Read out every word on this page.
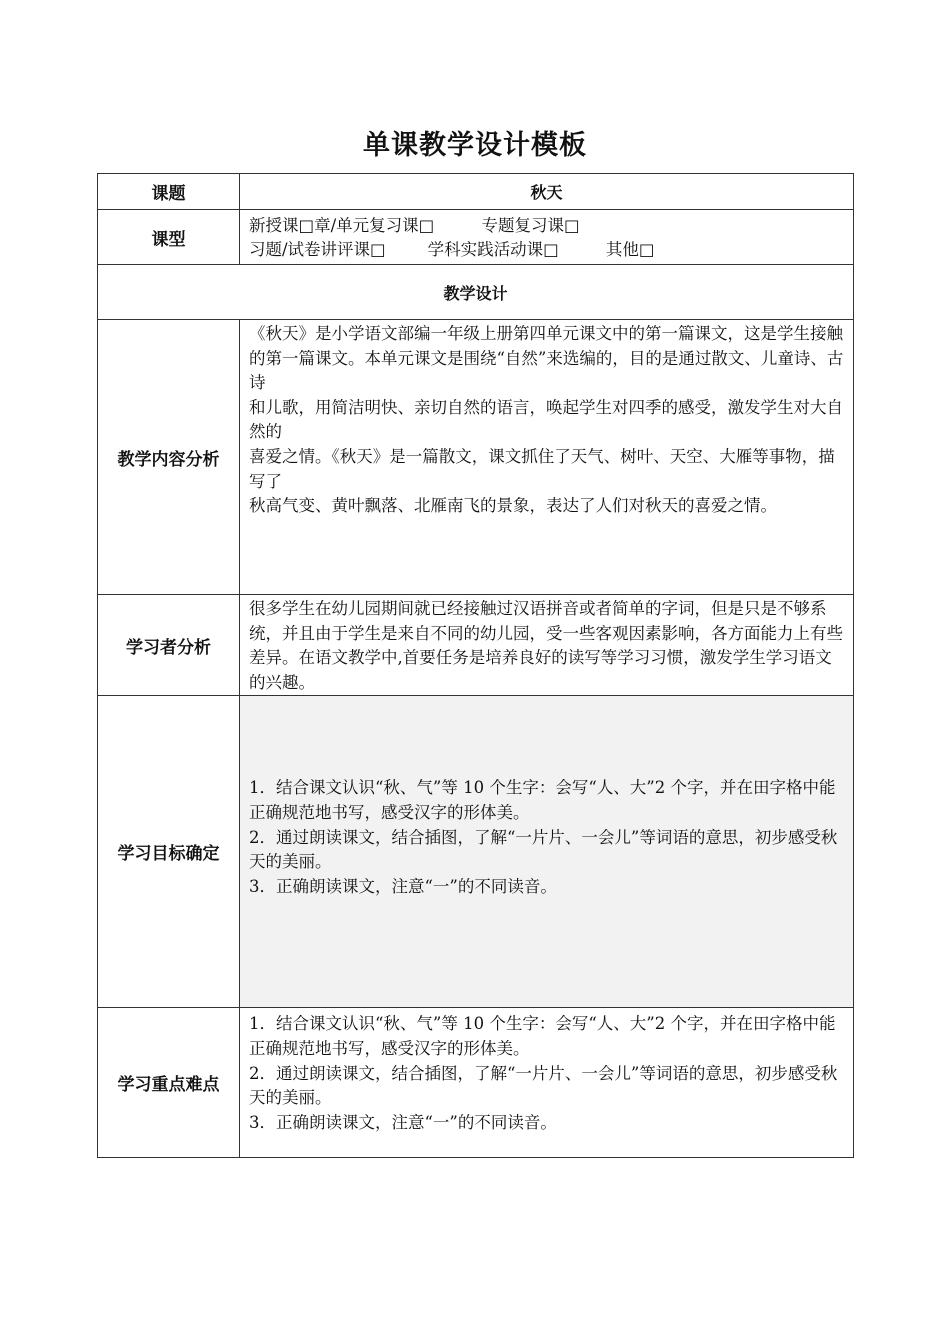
单课教学设计模板
课题	秋天
课型	新授课□章/单元复习课□         专题复习课□
习题/试卷讲评课□        学科实践活动课□         其他□

教学设计	
教学内容分析	《秋天》是小学语文部编一年级上册第四单元课文中的第一篇课文，这是学生接触

的第一篇课文。本单元课文是围绕“自然”来选编的，目的是通过散文、儿童诗、古诗

和儿歌，用简洁明快、亲切自然的语言，唤起学生对四季的感受，激发学生对大自然的

喜爱之情。《秋天》是一篇散文，课文抓住了天气、树叶、天空、大雁等事物，描写了

秋高气变、黄叶飘落、北雁南飞的景象，表达了人们对秋天的喜爱之情。

学习者分析	很多学生在幼儿园期间就已经接触过汉语拼音或者简单的字词，但是只是不够系统，并且由于学生是来自不同的幼儿园，受一些客观因素影响，各方面能力上有些差异。在语文教学中,首要任务是培养良好的读写等学习习惯，激发学生学习语文的兴趣。

学习目标确定	1．结合课文认识“秋、气”等 10 个生字：会写“人、大”2 个字，并在田字格中能正确规范地书写，感受汉字的形体美。

2．通过朗读课文，结合插图，了解“一片片、一会儿”等词语的意思，初步感受秋天的美丽。

3．正确朗读课文，注意“一”的不同读音。

学习重点难点	1．结合课文认识“秋、气”等 10 个生字：会写“人、大”2 个字，并在田字格中能正确规范地书写，感受汉字的形体美。

2．通过朗读课文，结合插图，了解“一片片、一会儿”等词语的意思，初步感受秋天的美丽。

3．正确朗读课文，注意“一”的不同读音。
